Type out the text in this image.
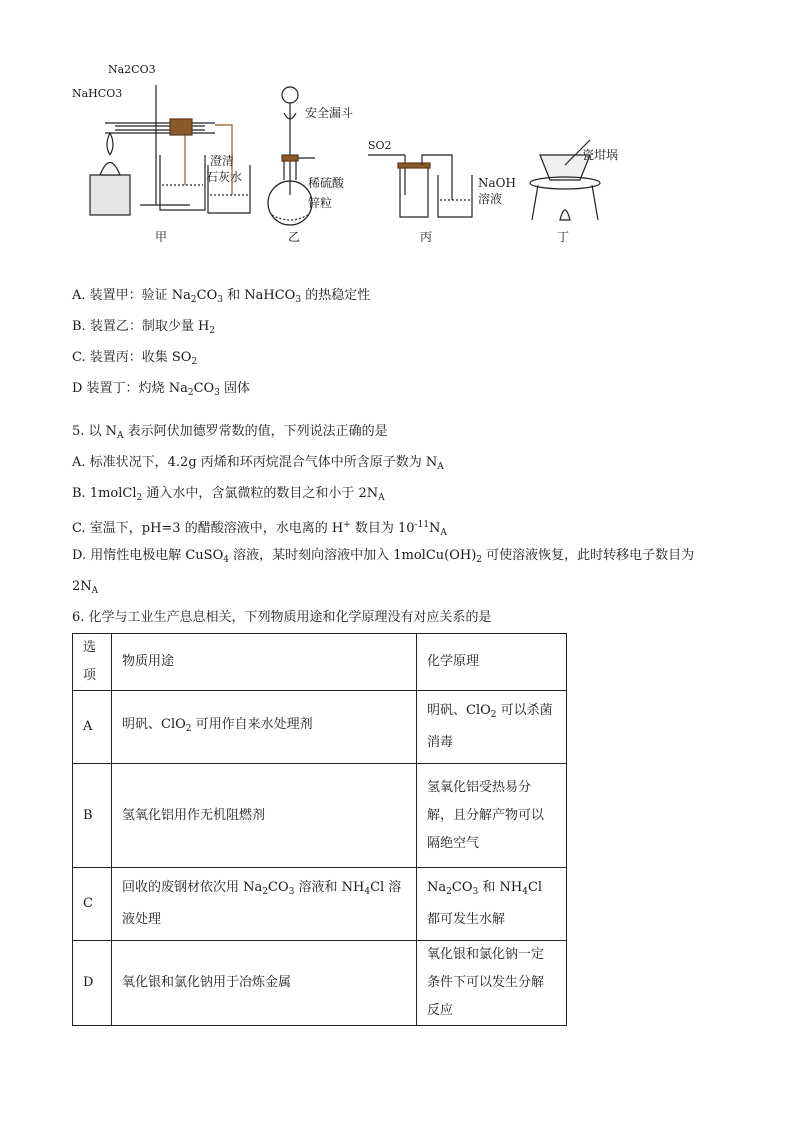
Na2CO3
NaHCO3
澄清
石灰水
甲
安全漏斗
稀硫酸
锌粒
乙
SO2
NaOH
溶液
丙
瓷坩埚
丁
A. 装置甲：验证 $Na_2CO_3$ 和 NaHCO$_3$ 的热稳定性
B. 装置乙：制取少量 $H_2$
C. 装置丙：收集 $SO_2$
D 装置丁：灼烧 $Na_2CO_3$ 固体
5. 以 $N_A$ 表示阿伏加德罗常数的值，下列说法正确的是
A. 标准状况下，4.2g 丙烯和环丙烷混合气体中所含原子数为 $N_A$
B. 1molCl$_2$ 通入水中，含氯微粒的数目之和小于 $2N_A$
C. 室温下，pH=3 的醋酸溶液中，水电离的 H+ 数目为 $10^{-11}N_A$
D. 用惰性电极电解 CuSO$_4$ 溶液，某时刻向溶液中加入 $1molCu(OH)_2$ 可使溶液恢复，此时转移电子数目为
$2N_A$
6. 化学与工业生产息息相关，下列物质用途和化学原理没有对应关系的是
选项	物质用途	化学原理
A	明矾、ClO$_2$ 可用作自来水处理剂	明矾、ClO$_2$ 可以杀菌消毒
B	氢氧化铝用作无机阻燃剂	氢氧化铝受热易分解，且分解产物可以隔绝空气
C	回收的废钢材依次用 $Na_2CO_3$ 溶液和 $NH_4Cl$ 溶液处理	$Na_2CO_3$ 和 $NH_4Cl$ 都可发生水解
D	氧化银和氯化钠用于冶炼金属	氧化银和氯化钠一定条件下可以发生分解反应
